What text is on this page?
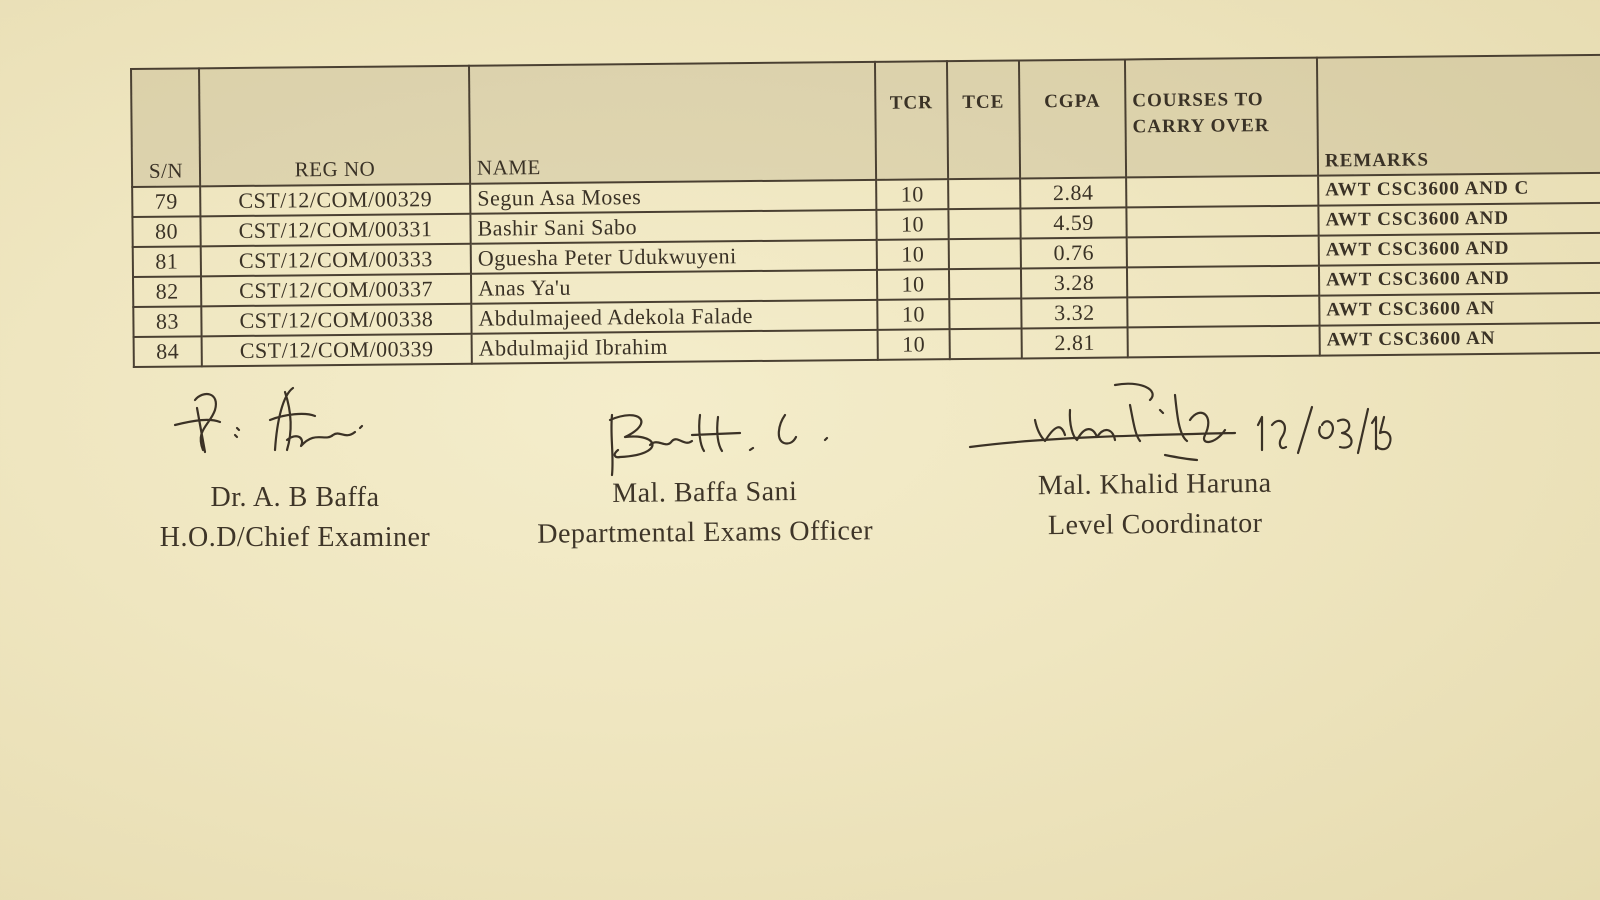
S/N	REG NO	NAME	TCR	TCE	CGPA	COURSES TO
CARRY OVER	REMARKS
79	CST/12/COM/00329	Segun Asa Moses	10		2.84		AWT CSC3600 AND C
80	CST/12/COM/00331	Bashir Sani Sabo	10		4.59		AWT CSC3600 AND
81	CST/12/COM/00333	Oguesha Peter Udukwuyeni	10		0.76		AWT CSC3600 AND
82	CST/12/COM/00337	Anas Ya'u	10		3.28		AWT CSC3600 AND
83	CST/12/COM/00338	Abdulmajeed Adekola Falade	10		3.32		AWT CSC3600 AN
84	CST/12/COM/00339	Abdulmajid Ibrahim	10		2.81		AWT CSC3600 AN
Dr. A. B Baffa
H.O.D/Chief Examiner
Mal. Baffa Sani
Departmental Exams Officer
Mal. Khalid Haruna
Level Coordinator
